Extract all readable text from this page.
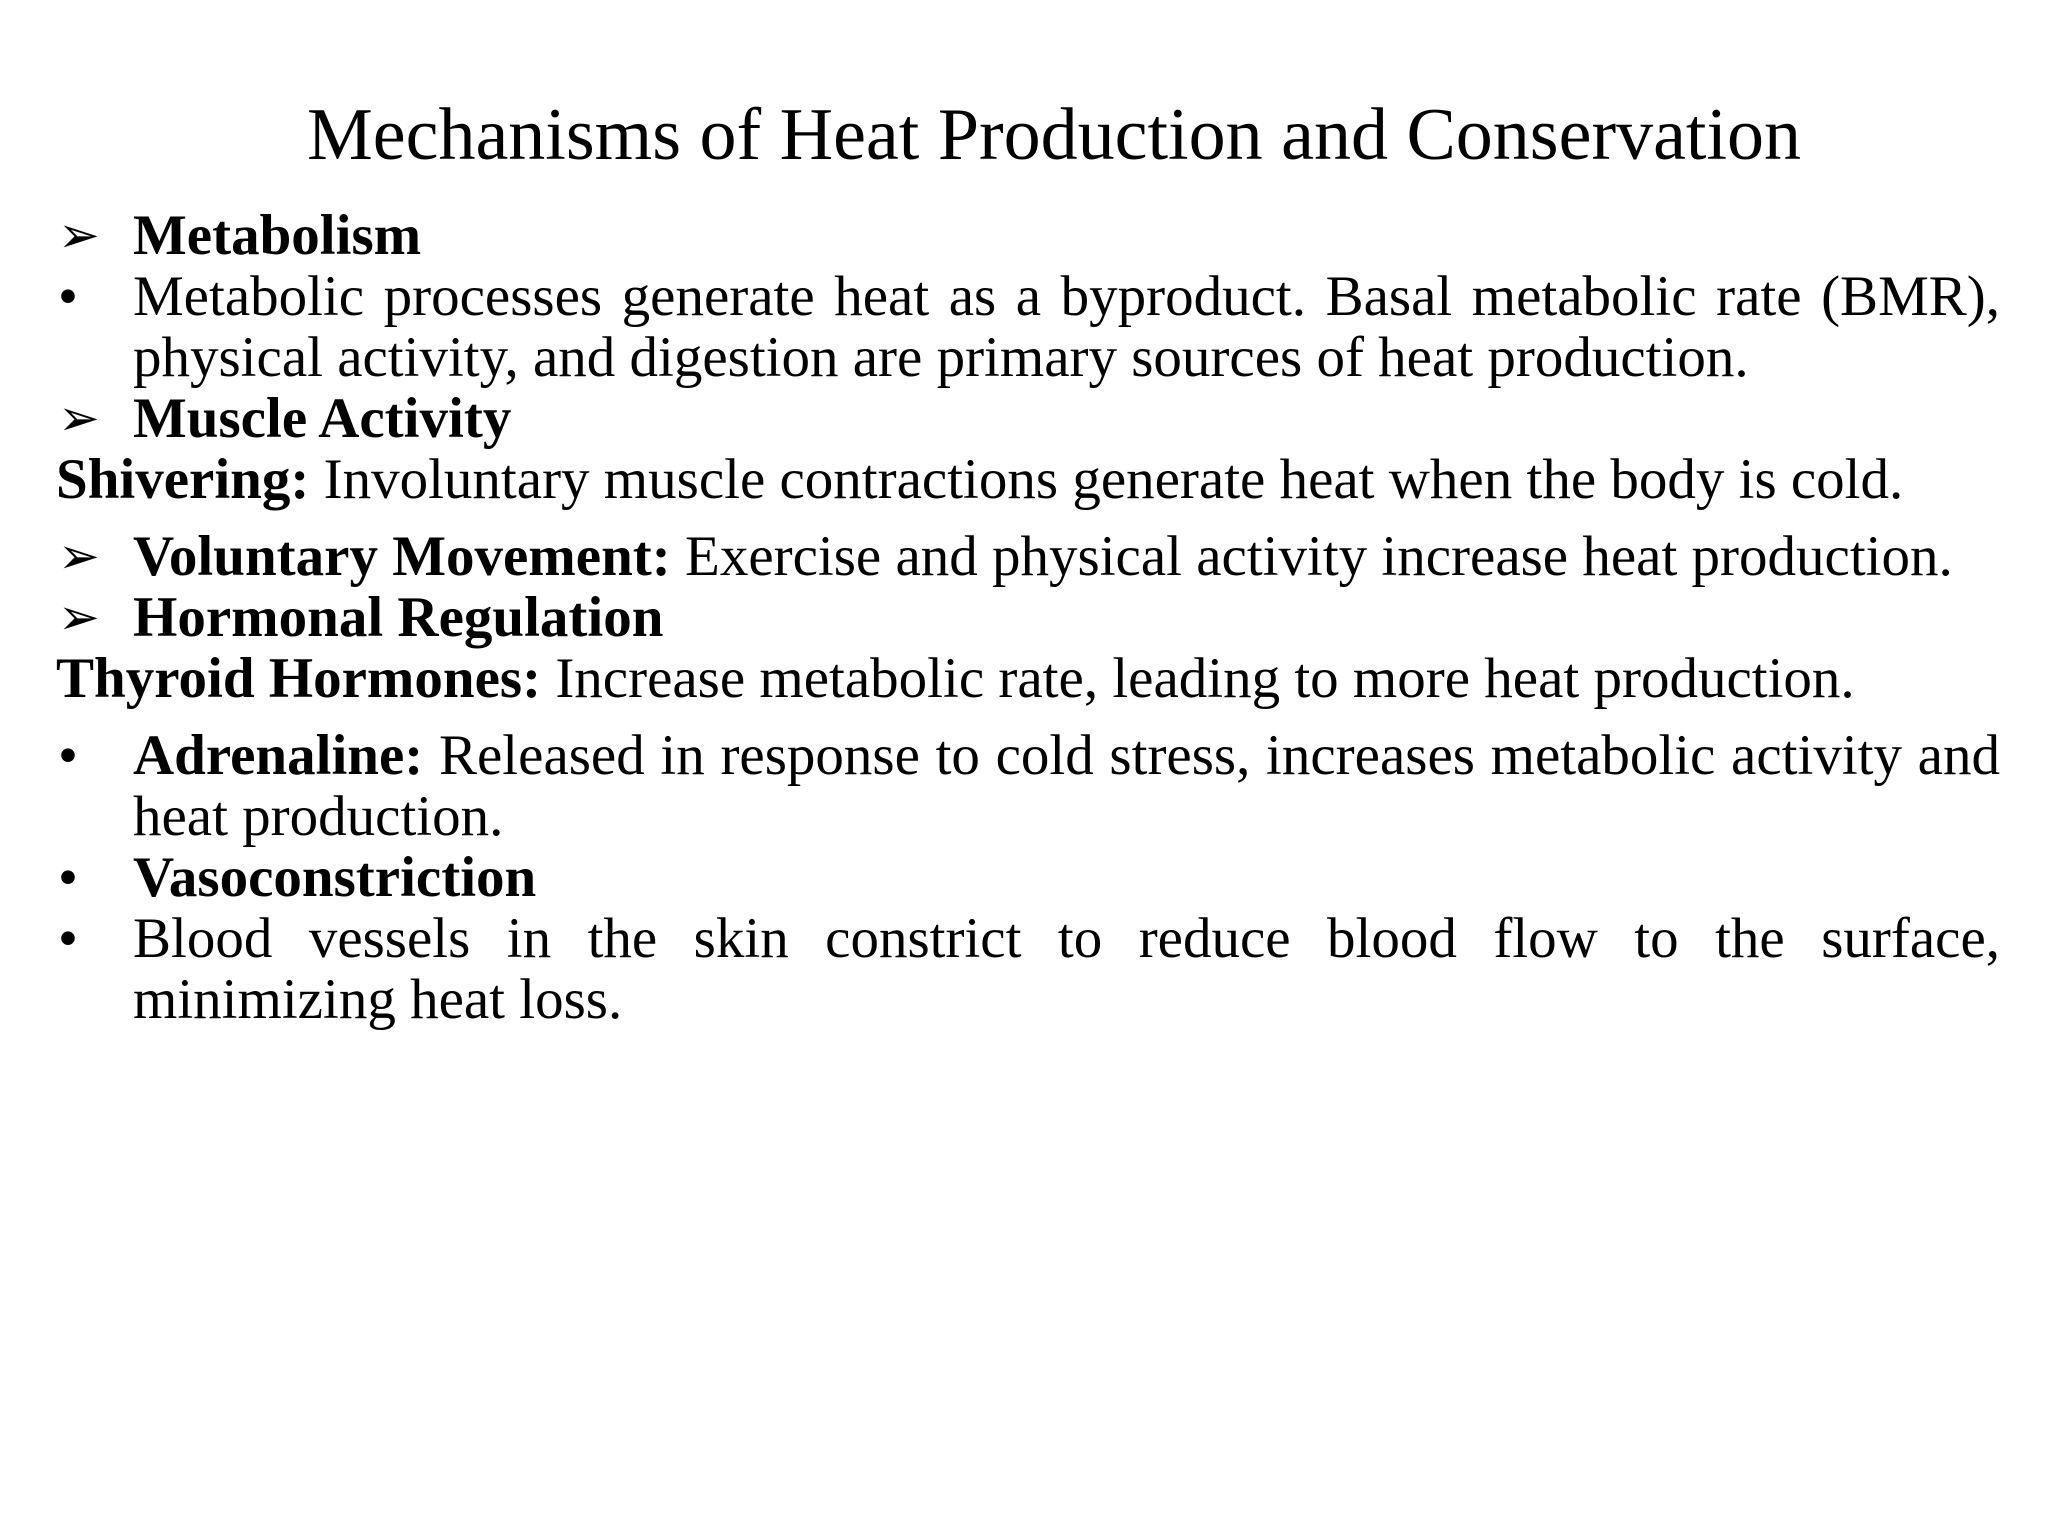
Mechanisms of Heat Production and Conservation

➢ Metabolism

• Metabolic processes generate heat as a byproduct. Basal metabolic rate (BMR), physical activity, and digestion are primary sources of heat production.

➢ Muscle Activity

Shivering: Involuntary muscle contractions generate heat when the body is cold.

➢ Voluntary Movement: Exercise and physical activity increase heat production.

➢ Hormonal Regulation

Thyroid Hormones: Increase metabolic rate, leading to more heat production.

• Adrenaline: Released in response to cold stress, increases metabolic activity and heat production.

• Vasoconstriction

• Blood vessels in the skin constrict to reduce blood flow to the surface, minimizing heat loss.
